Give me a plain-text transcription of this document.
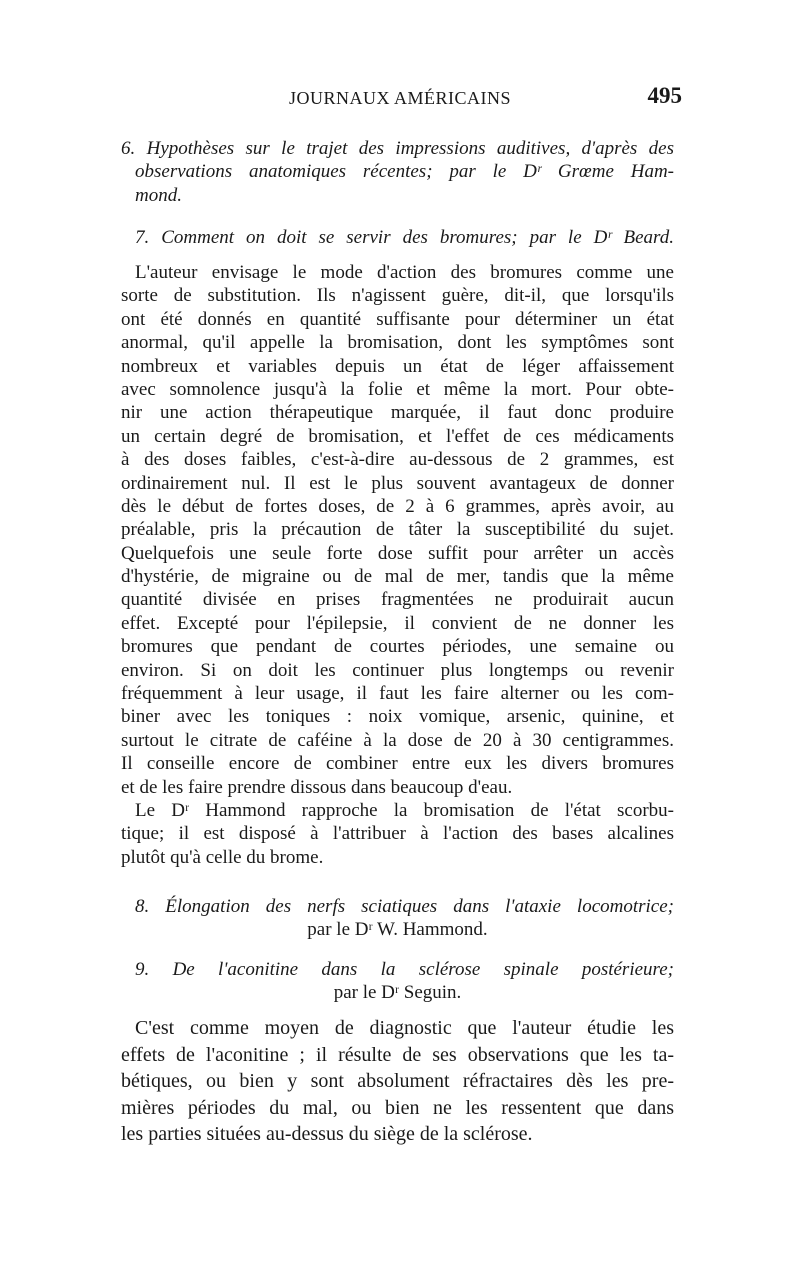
JOURNAUX AMÉRICAINS	495
6. Hypothèses sur le trajet des impressions auditives, d'après des
observations anatomiques récentes; par le Dʳ Grœme Ham-
mond.
7. Comment on doit se servir des bromures; par le Dʳ Beard.
L'auteur envisage le mode d'action des bromures comme une
sorte de substitution. Ils n'agissent guère, dit-il, que lorsqu'ils
ont été donnés en quantité suffisante pour déterminer un état
anormal, qu'il appelle la bromisation, dont les symptômes sont
nombreux et variables depuis un état de léger affaissement
avec somnolence jusqu'à la folie et même la mort. Pour obte-
nir une action thérapeutique marquée, il faut donc produire
un certain degré de bromisation, et l'effet de ces médicaments
à des doses faibles, c'est-à-dire au-dessous de 2 grammes, est
ordinairement nul. Il est le plus souvent avantageux de donner
dès le début de fortes doses, de 2 à 6 grammes, après avoir, au
préalable, pris la précaution de tâter la susceptibilité du sujet.
Quelquefois une seule forte dose suffit pour arrêter un accès
d'hystérie, de migraine ou de mal de mer, tandis que la même
quantité divisée en prises fragmentées ne produirait aucun
effet. Excepté pour l'épilepsie, il convient de ne donner les
bromures que pendant de courtes périodes, une semaine ou
environ. Si on doit les continuer plus longtemps ou revenir
fréquemment à leur usage, il faut les faire alterner ou les com-
biner avec les toniques : noix vomique, arsenic, quinine, et
surtout le citrate de caféine à la dose de 20 à 30 centigrammes.
Il conseille encore de combiner entre eux les divers bromures
et de les faire prendre dissous dans beaucoup d'eau.
Le Dʳ Hammond rapproche la bromisation de l'état scorbu-
tique; il est disposé à l'attribuer à l'action des bases alcalines
plutôt qu'à celle du brome.
8. Élongation des nerfs sciatiques dans l'ataxie locomotrice;
par le Dʳ W. Hammond.
9. De l'aconitine dans la sclérose spinale postérieure;
par le Dʳ Seguin.
C'est comme moyen de diagnostic que l'auteur étudie les
effets de l'aconitine ; il résulte de ses observations que les ta-
bétiques, ou bien y sont absolument réfractaires dès les pre-
mières périodes du mal, ou bien ne les ressentent que dans
les parties situées au-dessus du siège de la sclérose.
